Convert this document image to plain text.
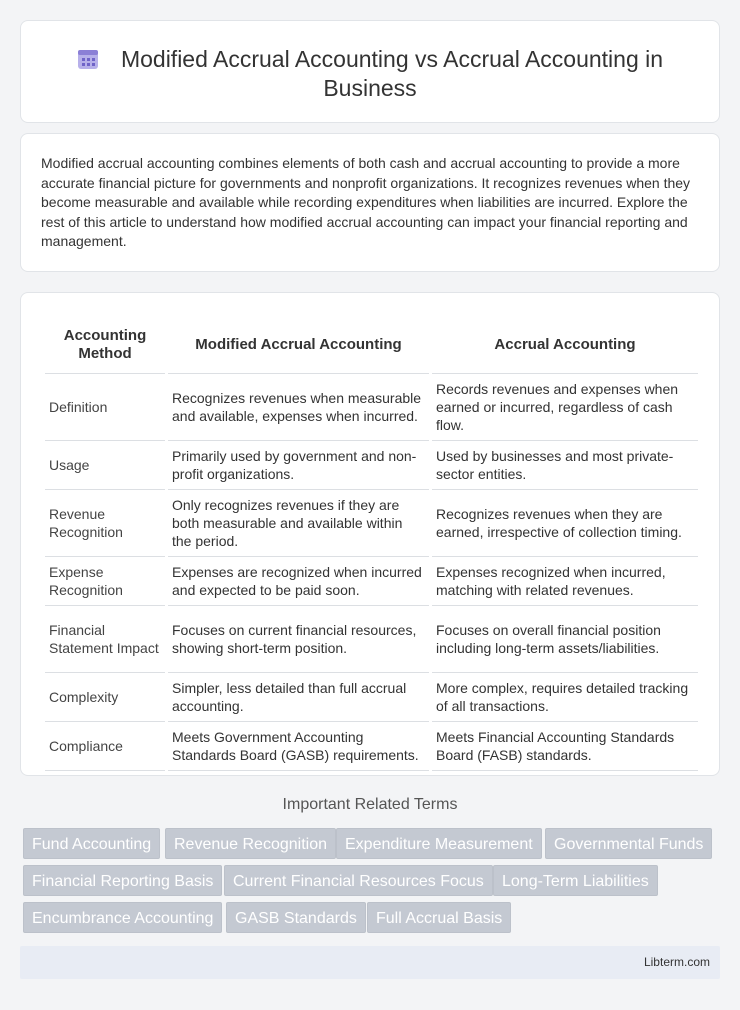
Modified Accrual Accounting vs Accrual Accounting in Business

Modified accrual accounting combines elements of both cash and accrual accounting to provide a more accurate financial picture for governments and nonprofit organizations. It recognizes revenues when they become measurable and available while recording expenditures when liabilities are incurred. Explore the rest of this article to understand how modified accrual accounting can impact your financial reporting and management.

Accounting Method	Modified Accrual Accounting	Accrual Accounting
Definition	Recognizes revenues when measurable and available, expenses when incurred.	Records revenues and expenses when earned or incurred, regardless of cash flow.
Usage	Primarily used by government and non-profit organizations.	Used by businesses and most private-sector entities.
Revenue Recognition	Only recognizes revenues if they are both measurable and available within the period.	Recognizes revenues when they are earned, irrespective of collection timing.
Expense Recognition	Expenses are recognized when incurred and expected to be paid soon.	Expenses recognized when incurred, matching with related revenues.
Financial Statement Impact	Focuses on current financial resources, showing short-term position.	Focuses on overall financial position including long-term assets/liabilities.
Complexity	Simpler, less detailed than full accrual accounting.	More complex, requires detailed tracking of all transactions.
Compliance	Meets Government Accounting Standards Board (GASB) requirements.	Meets Financial Accounting Standards Board (FASB) standards.
Important Related Terms
Fund Accounting	Revenue Recognition	Expenditure Measurement	Governmental Funds
Financial Reporting Basis	Current Financial Resources Focus	Long-Term Liabilities
Encumbrance Accounting	GASB Standards	Full Accrual Basis
Libterm.com
